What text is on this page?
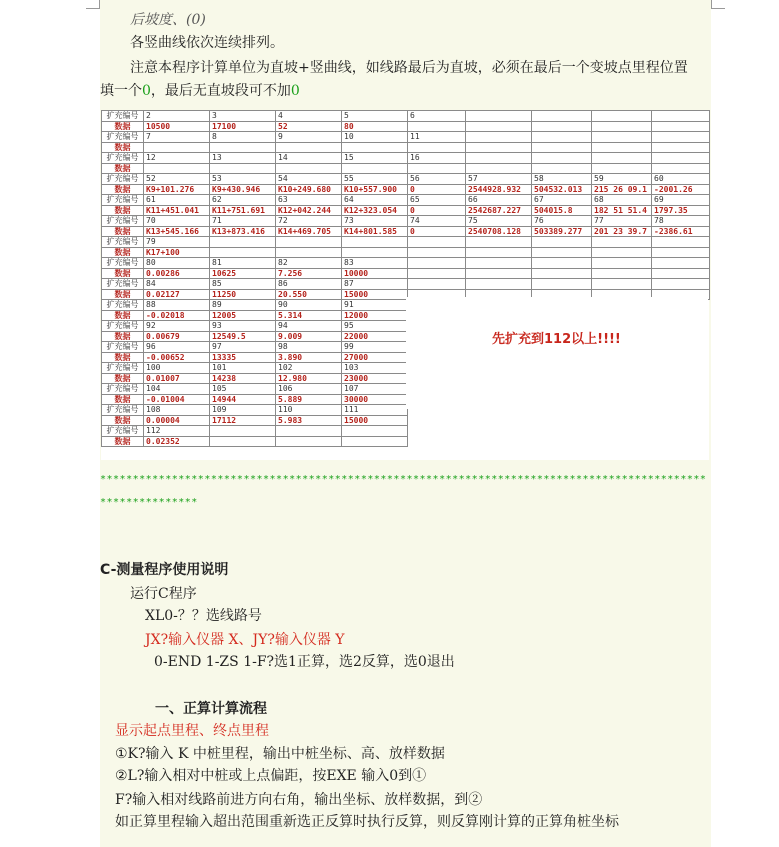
后坡度、(0)
各竖曲线依次连续排列。
注意本程序计算单位为直坡+竖曲线，如线路最后为直坡，必须在最后一个变坡点里程位置
填一个0，最后无直坡段可不加0
扩充编号	2	3	4	5	6				
数据	10500	17100	52	80					
扩充编号	7	8	9	10	11				
数据									
扩充编号	12	13	14	15	16				
数据									
扩充编号	52	53	54	55	56	57	58	59	60
数据	K9+101.276	K9+430.946	K10+249.680	K10+557.900	0	2544928.932	504532.013	215 26 09.1	-2001.26
扩充编号	61	62	63	64	65	66	67	68	69
数据	K11+451.041	K11+751.691	K12+042.244	K12+323.054	0	2542687.227	504015.8	182 51 51.4	1797.35
扩充编号	70	71	72	73	74	75	76	77	78
数据	K13+545.166	K13+873.416	K14+469.705	K14+801.585	0	2540708.128	503389.277	201 23 39.7	-2386.61
扩充编号	79								
数据	K17+100								
扩充编号	80	81	82	83					
数据	0.00286	10625	7.256	10000					
扩充编号	84	85	86	87					
数据	0.02127	11250	20.550	15000					
扩充编号	88	89	90	91					
数据	-0.02018	12005	5.314	12000					
扩充编号	92	93	94	95					
数据	0.00679	12549.5	9.009	22000					
扩充编号	96	97	98	99					
数据	-0.00652	13335	3.890	27000					
扩充编号	100	101	102	103					
数据	0.01007	14238	12.980	23000					
扩充编号	104	105	106	107					
数据	-0.01004	14944	5.889	30000					
扩充编号	108	109	110	111					
数据	0.00004	17112	5.983	15000					
扩充编号	112								
数据	0.02352								
先扩充到112以上!!!!
*********************************************************************************************
***************
C-测量程序使用说明
运行C程序
XL0-？？选线路号
JX?输入仪器 X、JY?输入仪器 Y
0-END 1-ZS 1-F?选1正算，选2反算，选0退出
一、正算计算流程
显示起点里程、终点里程
①K?输入 K 中桩里程，输出中桩坐标、高、放样数据
②L?输入相对中桩或上点偏距，按EXE 输入0到①
F?输入相对线路前进方向右角，输出坐标、放样数据，到②
如正算里程输入超出范围重新选正反算时执行反算，则反算刚计算的正算角桩坐标
